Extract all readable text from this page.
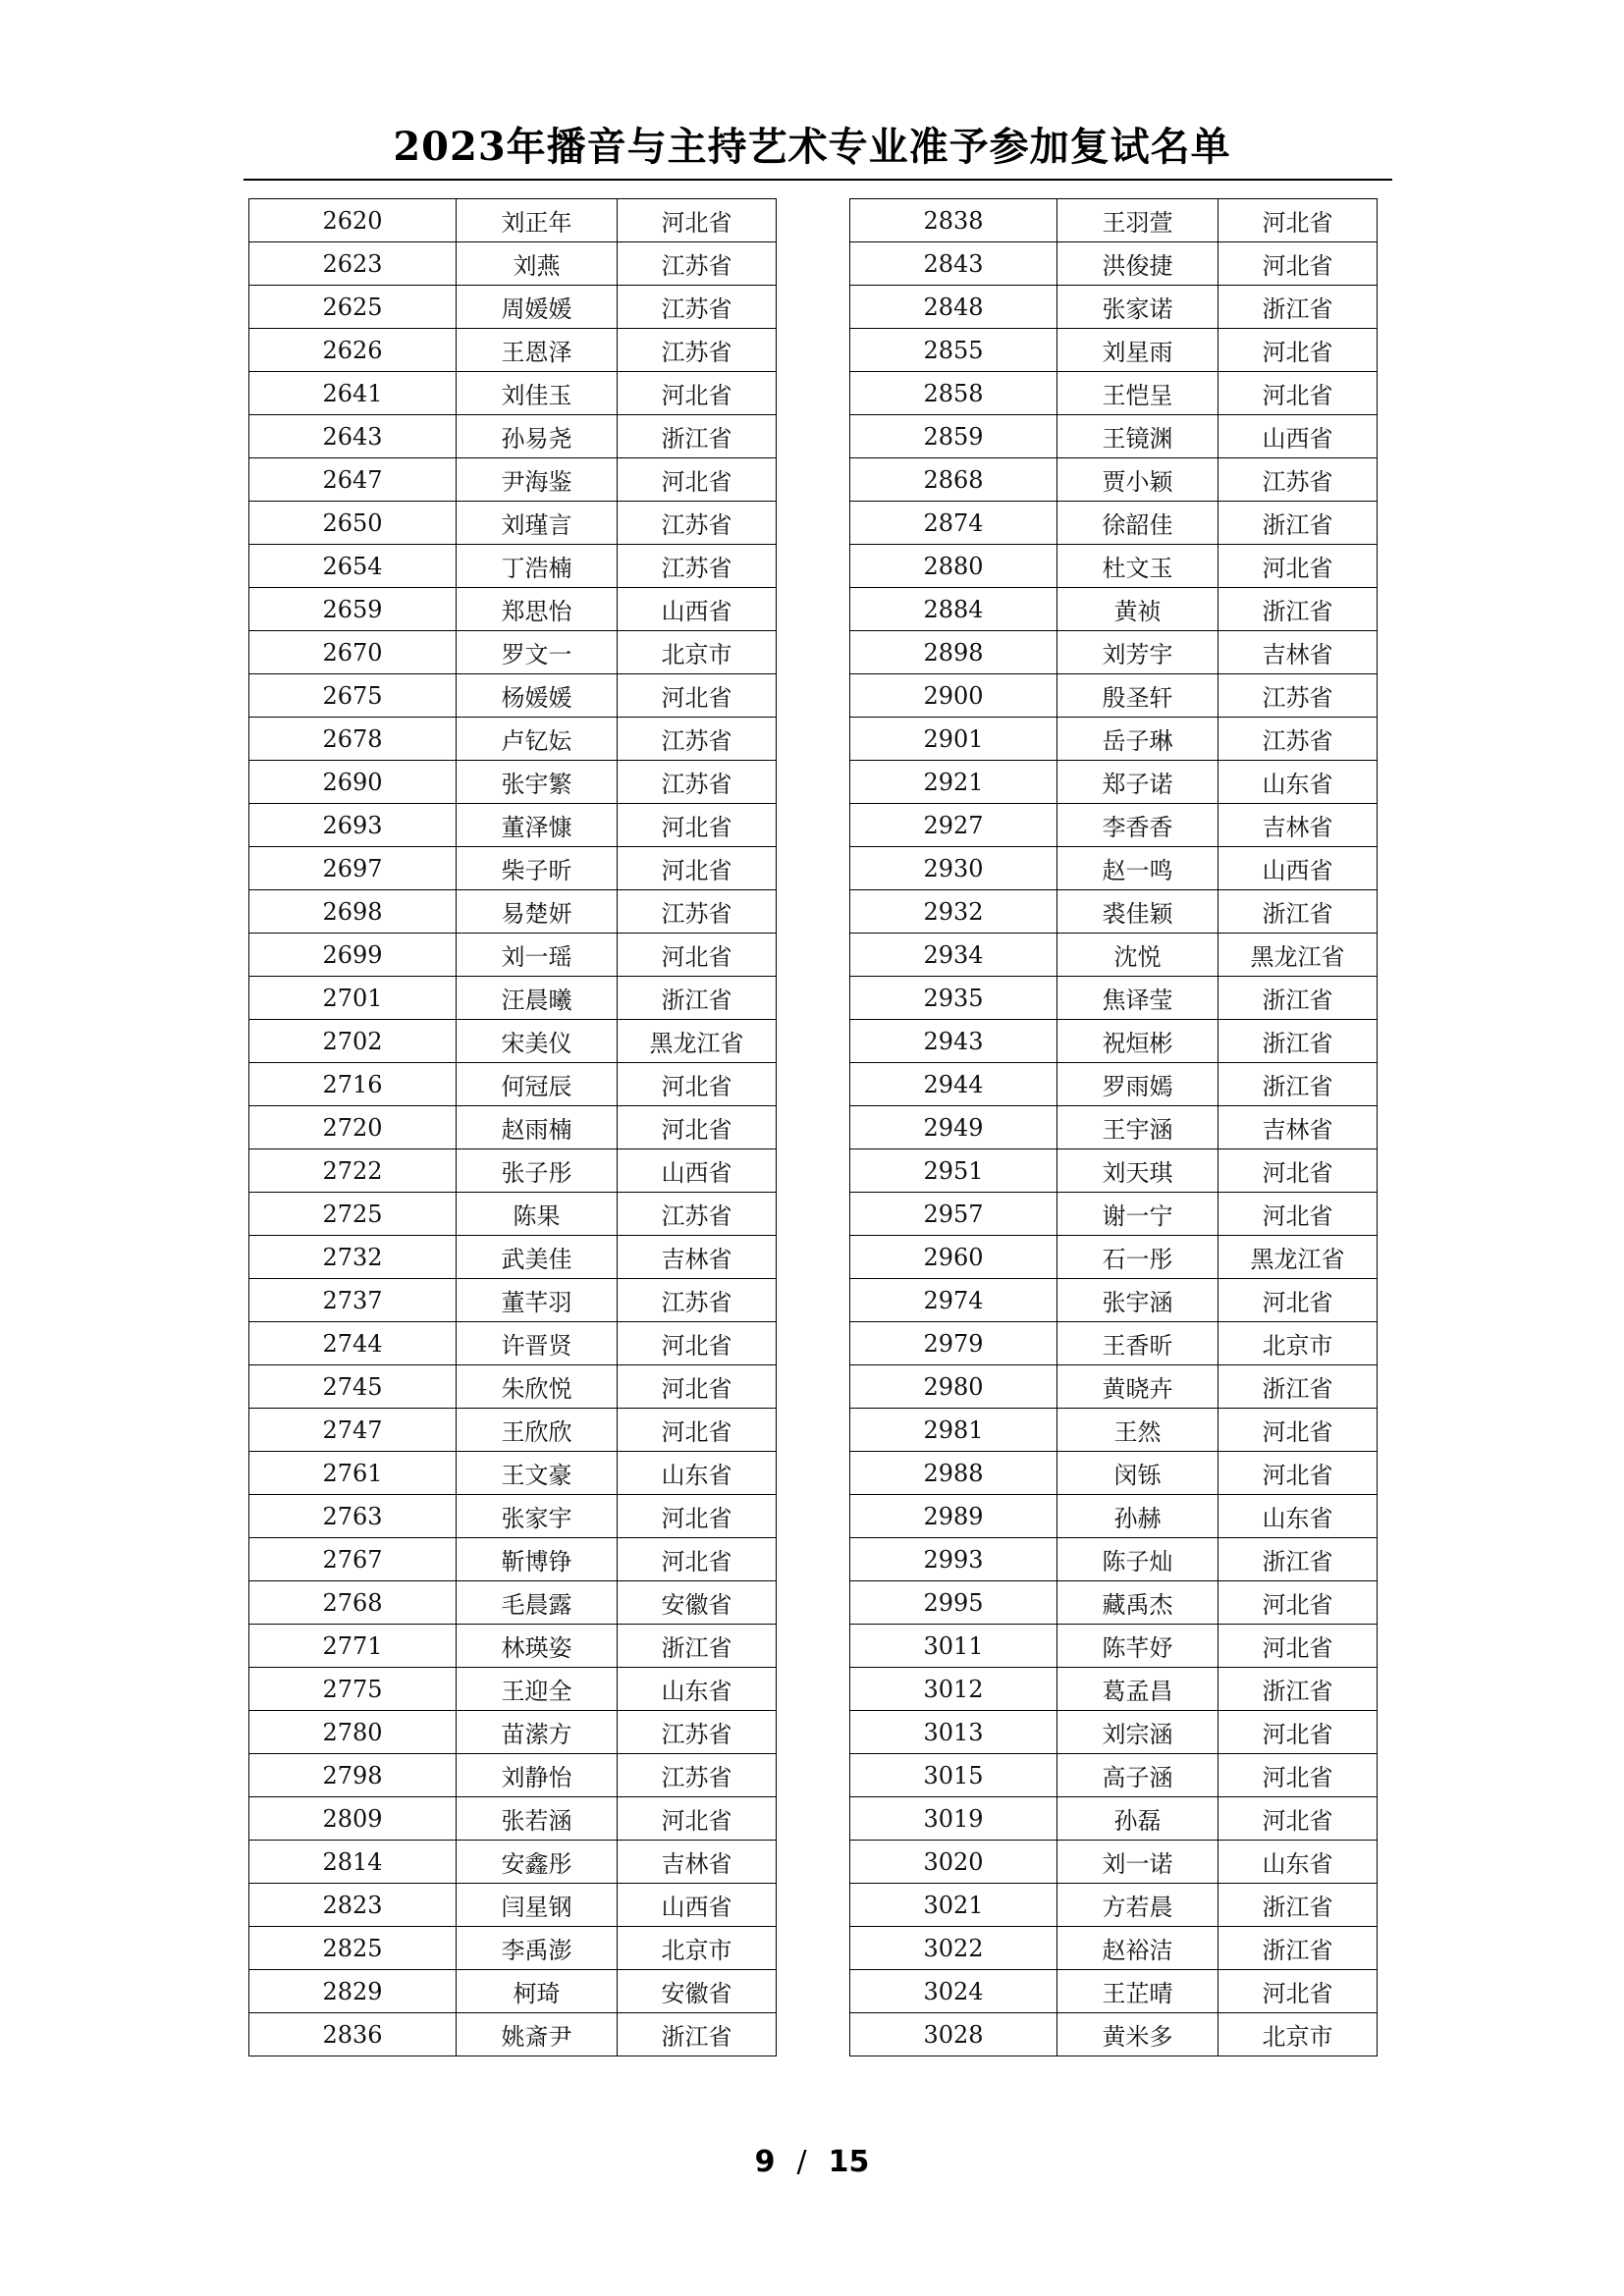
2023年播音与主持艺术专业准予参加复试名单
2620	刘正年	河北省
2623	刘燕	江苏省
2625	周媛媛	江苏省
2626	王恩泽	江苏省
2641	刘佳玉	河北省
2643	孙易尧	浙江省
2647	尹海鉴	河北省
2650	刘瑾言	江苏省
2654	丁浩楠	江苏省
2659	郑思怡	山西省
2670	罗文一	北京市
2675	杨媛媛	河北省
2678	卢钇妘	江苏省
2690	张宇繁	江苏省
2693	董泽慷	河北省
2697	柴子昕	河北省
2698	易楚妍	江苏省
2699	刘一瑶	河北省
2701	汪晨曦	浙江省
2702	宋美仪	黑龙江省
2716	何冠辰	河北省
2720	赵雨楠	河北省
2722	张子彤	山西省
2725	陈果	江苏省
2732	武美佳	吉林省
2737	董芊羽	江苏省
2744	许晋贤	河北省
2745	朱欣悦	河北省
2747	王欣欣	河北省
2761	王文豪	山东省
2763	张家宇	河北省
2767	靳博铮	河北省
2768	毛晨露	安徽省
2771	林瑛姿	浙江省
2775	王迎全	山东省
2780	苗潆方	江苏省
2798	刘静怡	江苏省
2809	张若涵	河北省
2814	安鑫彤	吉林省
2823	闫星钢	山西省
2825	李禹澎	北京市
2829	柯琦	安徽省
2836	姚斎尹	浙江省
2838	王羽萱	河北省
2843	洪俊捷	河北省
2848	张家诺	浙江省
2855	刘星雨	河北省
2858	王恺呈	河北省
2859	王镜渊	山西省
2868	贾小颖	江苏省
2874	徐韶佳	浙江省
2880	杜文玉	河北省
2884	黄祯	浙江省
2898	刘芳宇	吉林省
2900	殷圣轩	江苏省
2901	岳子琳	江苏省
2921	郑子诺	山东省
2927	李香香	吉林省
2930	赵一鸣	山西省
2932	裘佳颖	浙江省
2934	沈悦	黑龙江省
2935	焦译莹	浙江省
2943	祝烜彬	浙江省
2944	罗雨嫣	浙江省
2949	王宇涵	吉林省
2951	刘天琪	河北省
2957	谢一宁	河北省
2960	石一彤	黑龙江省
2974	张宇涵	河北省
2979	王香昕	北京市
2980	黄晓卉	浙江省
2981	王然	河北省
2988	闵铄	河北省
2989	孙赫	山东省
2993	陈子灿	浙江省
2995	藏禹杰	河北省
3011	陈芊妤	河北省
3012	葛孟昌	浙江省
3013	刘宗涵	河北省
3015	高子涵	河北省
3019	孙磊	河北省
3020	刘一诺	山东省
3021	方若晨	浙江省
3022	赵裕洁	浙江省
3024	王芷晴	河北省
3028	黄米多	北京市
9 / 15
